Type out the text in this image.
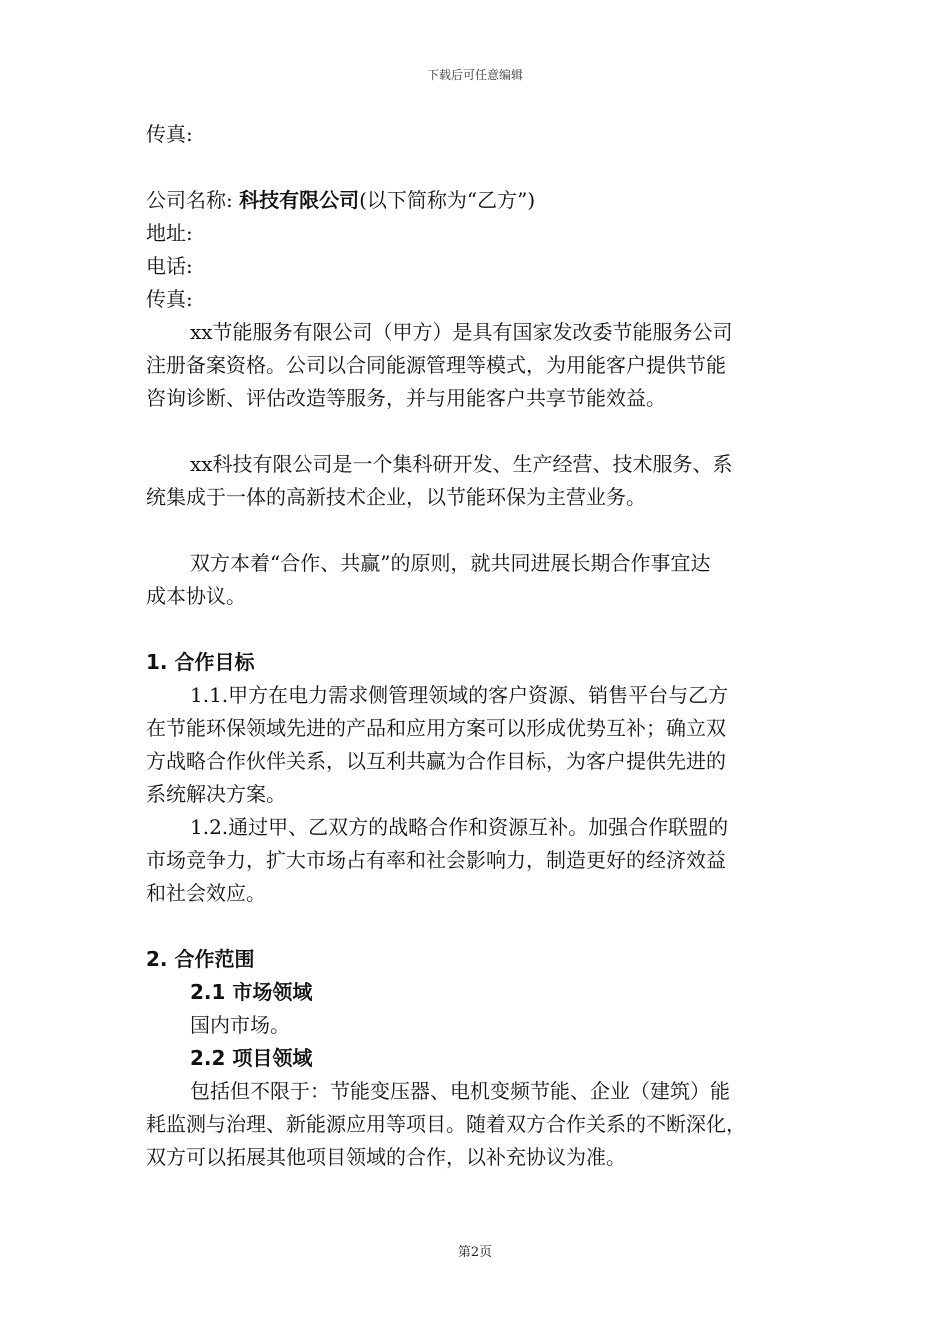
下载后可任意编辑
传真:
公司名称: 科技有限公司(以下简称为“乙方”)
地址:
电话:
传真:
xx节能服务有限公司（甲方）是具有国家发改委节能服务公司
注册备案资格。公司以合同能源管理等模式，为用能客户提供节能
咨询诊断、评估改造等服务，并与用能客户共享节能效益。
xx科技有限公司是一个集科研开发、生产经营、技术服务、系
统集成于一体的高新技术企业，以节能环保为主营业务。
双方本着“合作、共赢”的原则，就共同进展长期合作事宜达
成本协议。
1. 合作目标
1.1.甲方在电力需求侧管理领域的客户资源、销售平台与乙方
在节能环保领域先进的产品和应用方案可以形成优势互补；确立双
方战略合作伙伴关系，以互利共赢为合作目标，为客户提供先进的
系统解决方案。
1.2.通过甲、乙双方的战略合作和资源互补。加强合作联盟的
市场竞争力，扩大市场占有率和社会影响力，制造更好的经济效益
和社会效应。
2. 合作范围
2.1 市场领域
国内市场。
2.2 项目领域
包括但不限于：节能变压器、电机变频节能、企业（建筑）能
耗监测与治理、新能源应用等项目。随着双方合作关系的不断深化，
双方可以拓展其他项目领域的合作，以补充协议为准。
第2页
